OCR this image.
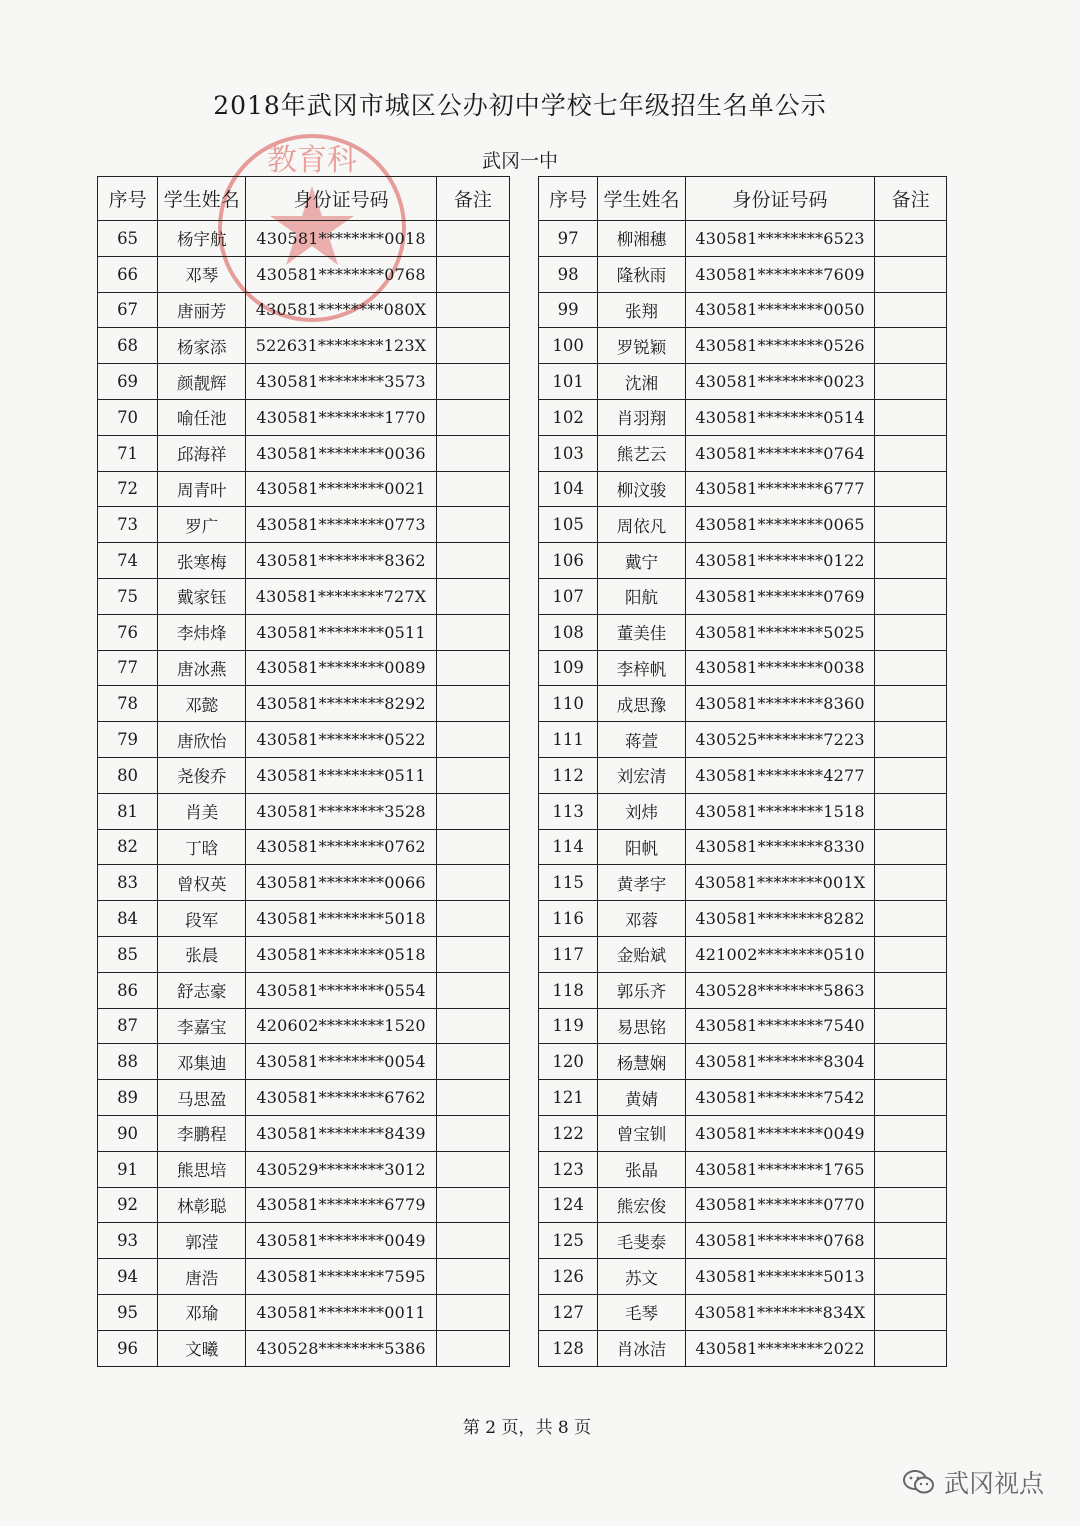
教育科
2018年武冈市城区公办初中学校七年级招生名单公示
武冈一中
序号	学生姓名	身份证号码	备注
65	杨宇航	430581********0018	
66	邓琴	430581********0768	
67	唐丽芳	430581********080X	
68	杨家添	522631********123X	
69	颜靓辉	430581********3573	
70	喻任池	430581********1770	
71	邱海祥	430581********0036	
72	周青叶	430581********0021	
73	罗广	430581********0773	
74	张寒梅	430581********8362	
75	戴家钰	430581********727X	
76	李炜烽	430581********0511	
77	唐冰燕	430581********0089	
78	邓懿	430581********8292	
79	唐欣怡	430581********0522	
80	尧俊乔	430581********0511	
81	肖美	430581********3528	
82	丁晗	430581********0762	
83	曾权英	430581********0066	
84	段军	430581********5018	
85	张晨	430581********0518	
86	舒志豪	430581********0554	
87	李嘉宝	420602********1520	
88	邓集迪	430581********0054	
89	马思盈	430581********6762	
90	李鹏程	430581********8439	
91	熊思培	430529********3012	
92	林彰聪	430581********6779	
93	郭滢	430581********0049	
94	唐浩	430581********7595	
95	邓瑜	430581********0011	
96	文曦	430528********5386	
序号	学生姓名	身份证号码	备注
97	柳湘穗	430581********6523	
98	隆秋雨	430581********7609	
99	张翔	430581********0050	
100	罗锐颖	430581********0526	
101	沈湘	430581********0023	
102	肖羽翔	430581********0514	
103	熊艺云	430581********0764	
104	柳汶骏	430581********6777	
105	周依凡	430581********0065	
106	戴宁	430581********0122	
107	阳航	430581********0769	
108	董美佳	430581********5025	
109	李梓帆	430581********0038	
110	成思豫	430581********8360	
111	蒋萱	430525********7223	
112	刘宏清	430581********4277	
113	刘炜	430581********1518	
114	阳帆	430581********8330	
115	黄孝宇	430581********001X	
116	邓蓉	430581********8282	
117	金贻斌	421002********0510	
118	郭乐齐	430528********5863	
119	易思铭	430581********7540	
120	杨慧娴	430581********8304	
121	黄婧	430581********7542	
122	曾宝钏	430581********0049	
123	张晶	430581********1765	
124	熊宏俊	430581********0770	
125	毛斐泰	430581********0768	
126	苏文	430581********5013	
127	毛琴	430581********834X	
128	肖冰洁	430581********2022	
第 2 页，共 8 页
武冈视点
